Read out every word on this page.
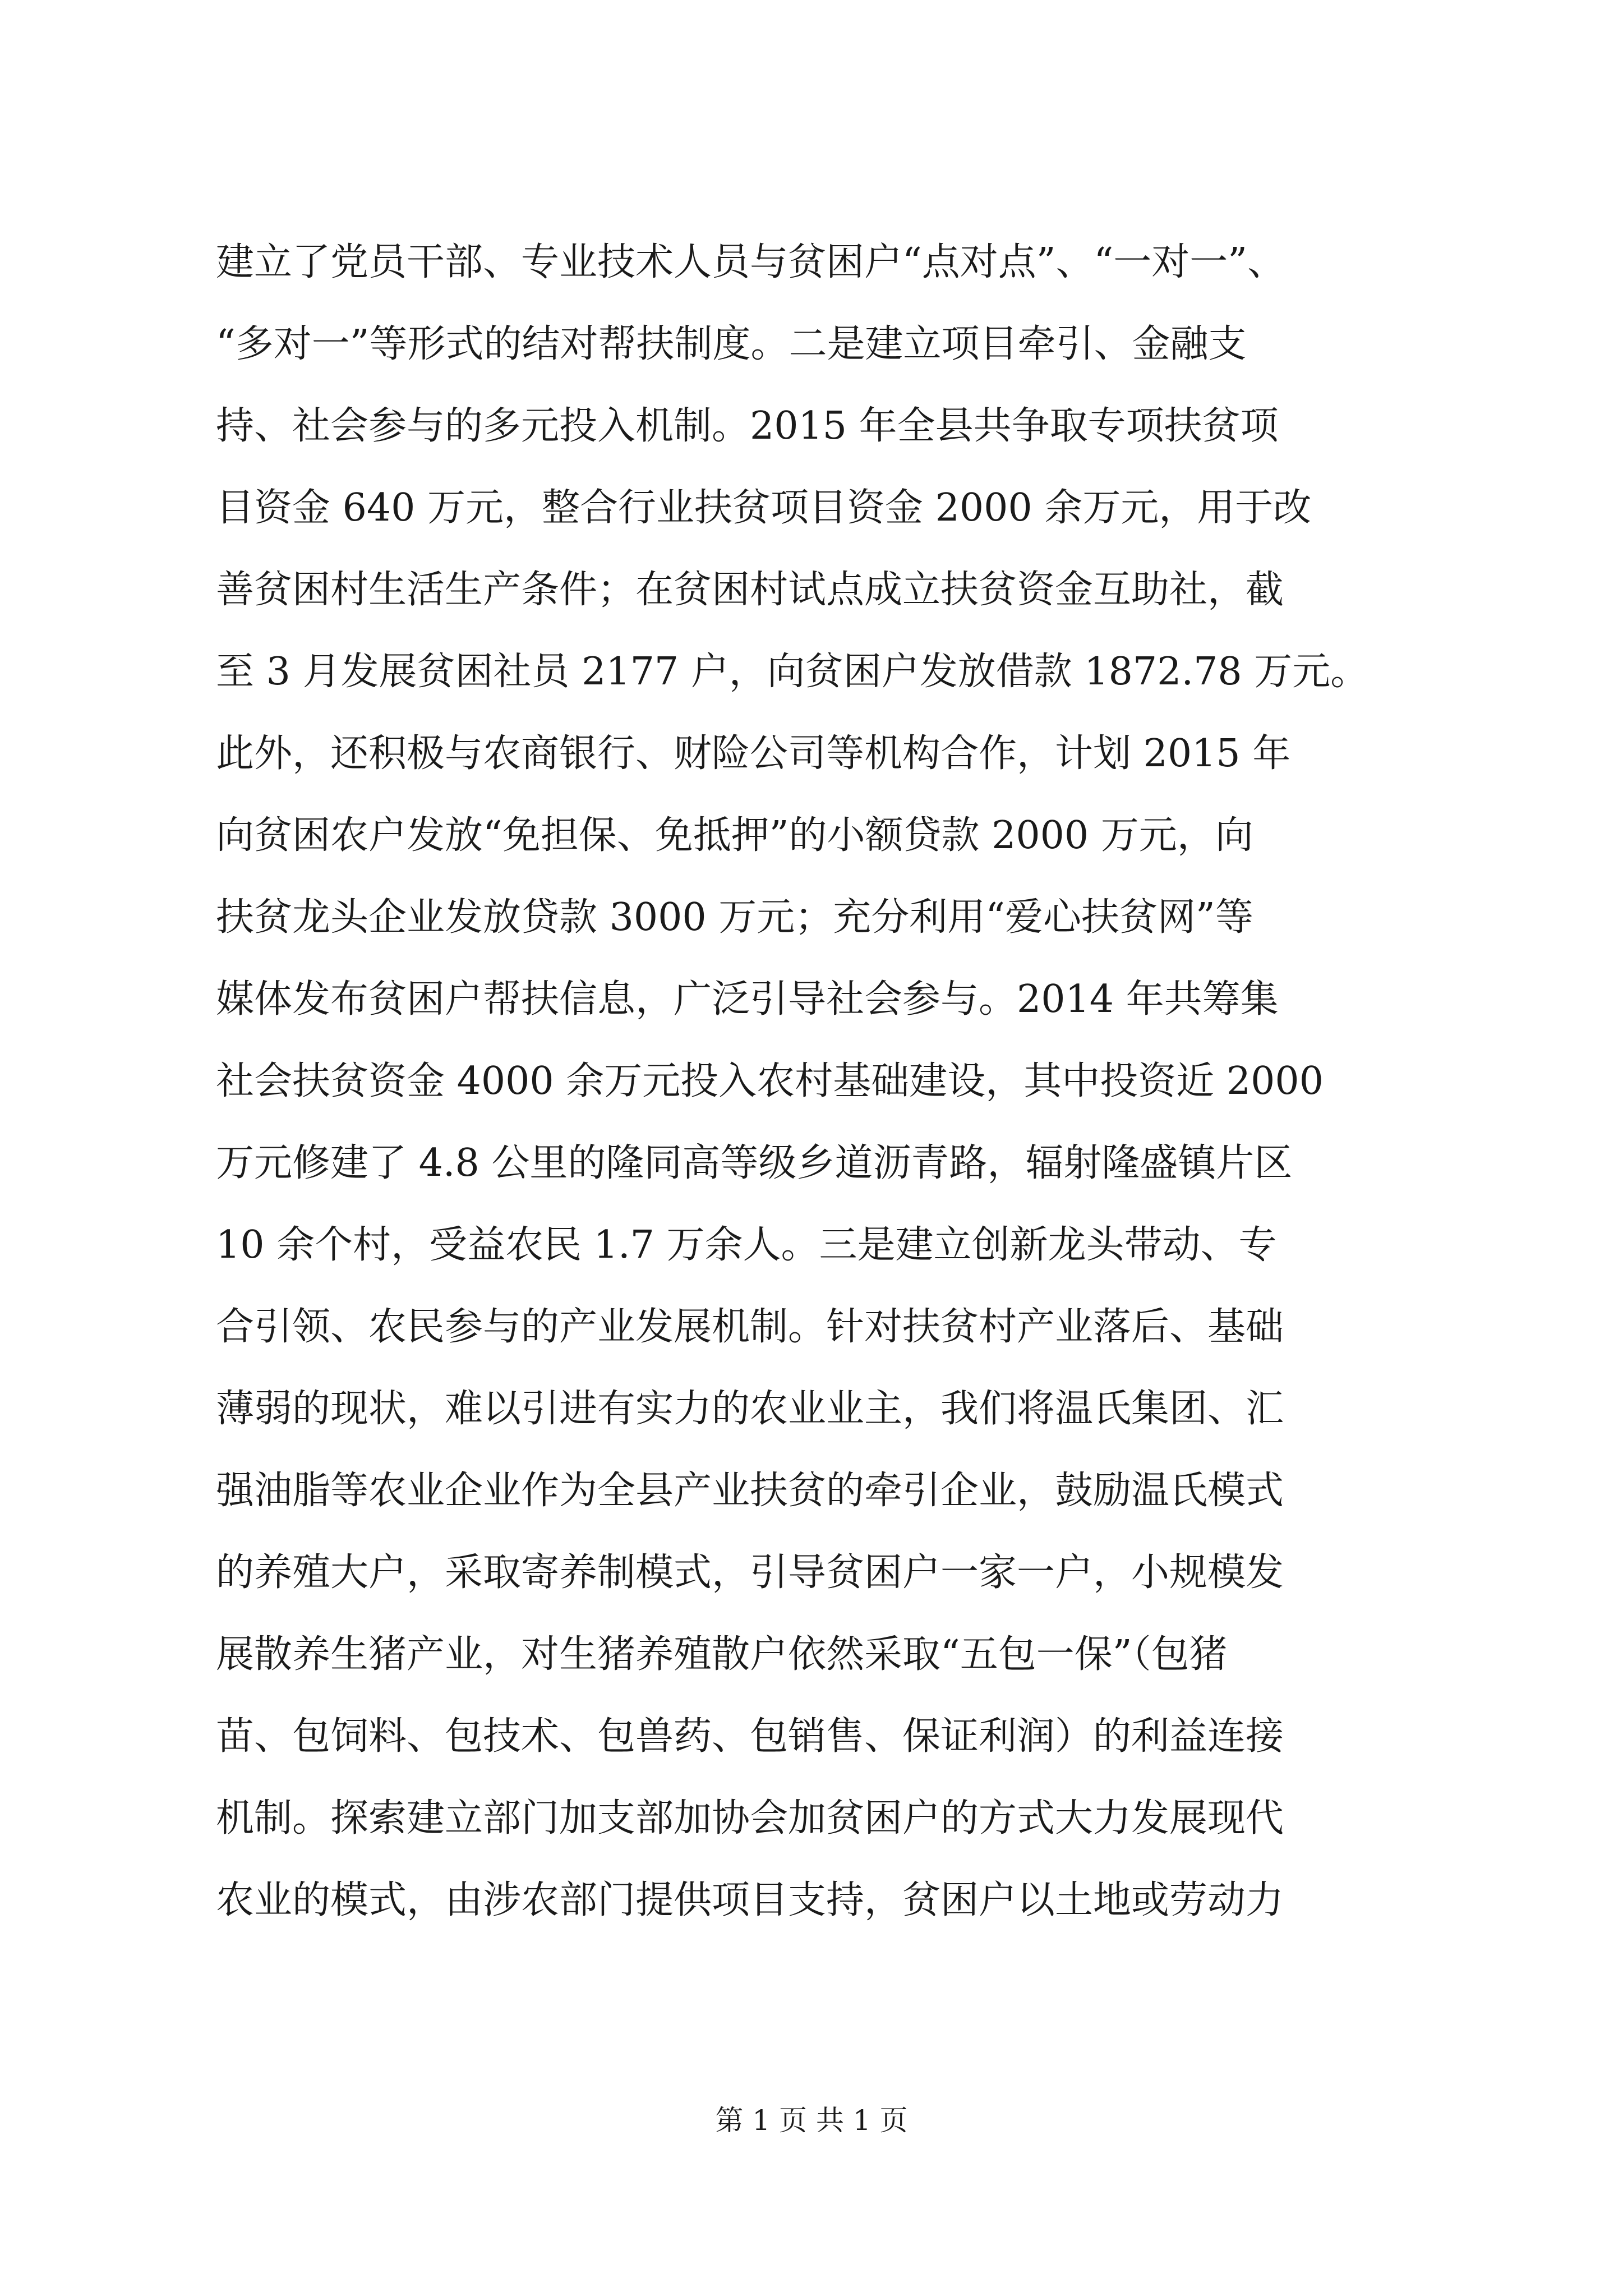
建立了党员干部、专业技术人员与贫困户“点对点”、“一对一”、
“多对一”等形式的结对帮扶制度。二是建立项目牵引、金融支
持、社会参与的多元投入机制。2015 年全县共争取专项扶贫项
目资金 640 万元，整合行业扶贫项目资金 2000 余万元，用于改
善贫困村生活生产条件；在贫困村试点成立扶贫资金互助社，截
至 3 月发展贫困社员 2177 户，向贫困户发放借款 1872.78 万元。
此外，还积极与农商银行、财险公司等机构合作，计划 2015 年
向贫困农户发放“免担保、免抵押”的小额贷款 2000 万元，向
扶贫龙头企业发放贷款 3000 万元；充分利用“爱心扶贫网”等
媒体发布贫困户帮扶信息，广泛引导社会参与。2014 年共筹集
社会扶贫资金 4000 余万元投入农村基础建设，其中投资近 2000
万元修建了 4.8 公里的隆同高等级乡道沥青路，辐射隆盛镇片区
10 余个村，受益农民 1.7 万余人。三是建立创新龙头带动、专
合引领、农民参与的产业发展机制。针对扶贫村产业落后、基础
薄弱的现状，难以引进有实力的农业业主，我们将温氏集团、汇
强油脂等农业企业作为全县产业扶贫的牵引企业，鼓励温氏模式
的养殖大户，采取寄养制模式，引导贫困户一家一户，小规模发
展散养生猪产业，对生猪养殖散户依然采取“五包一保”（包猪
苗、包饲料、包技术、包兽药、包销售、保证利润）的利益连接
机制。探索建立部门加支部加协会加贫困户的方式大力发展现代
农业的模式，由涉农部门提供项目支持，贫困户以土地或劳动力
第 1 页 共 1 页
